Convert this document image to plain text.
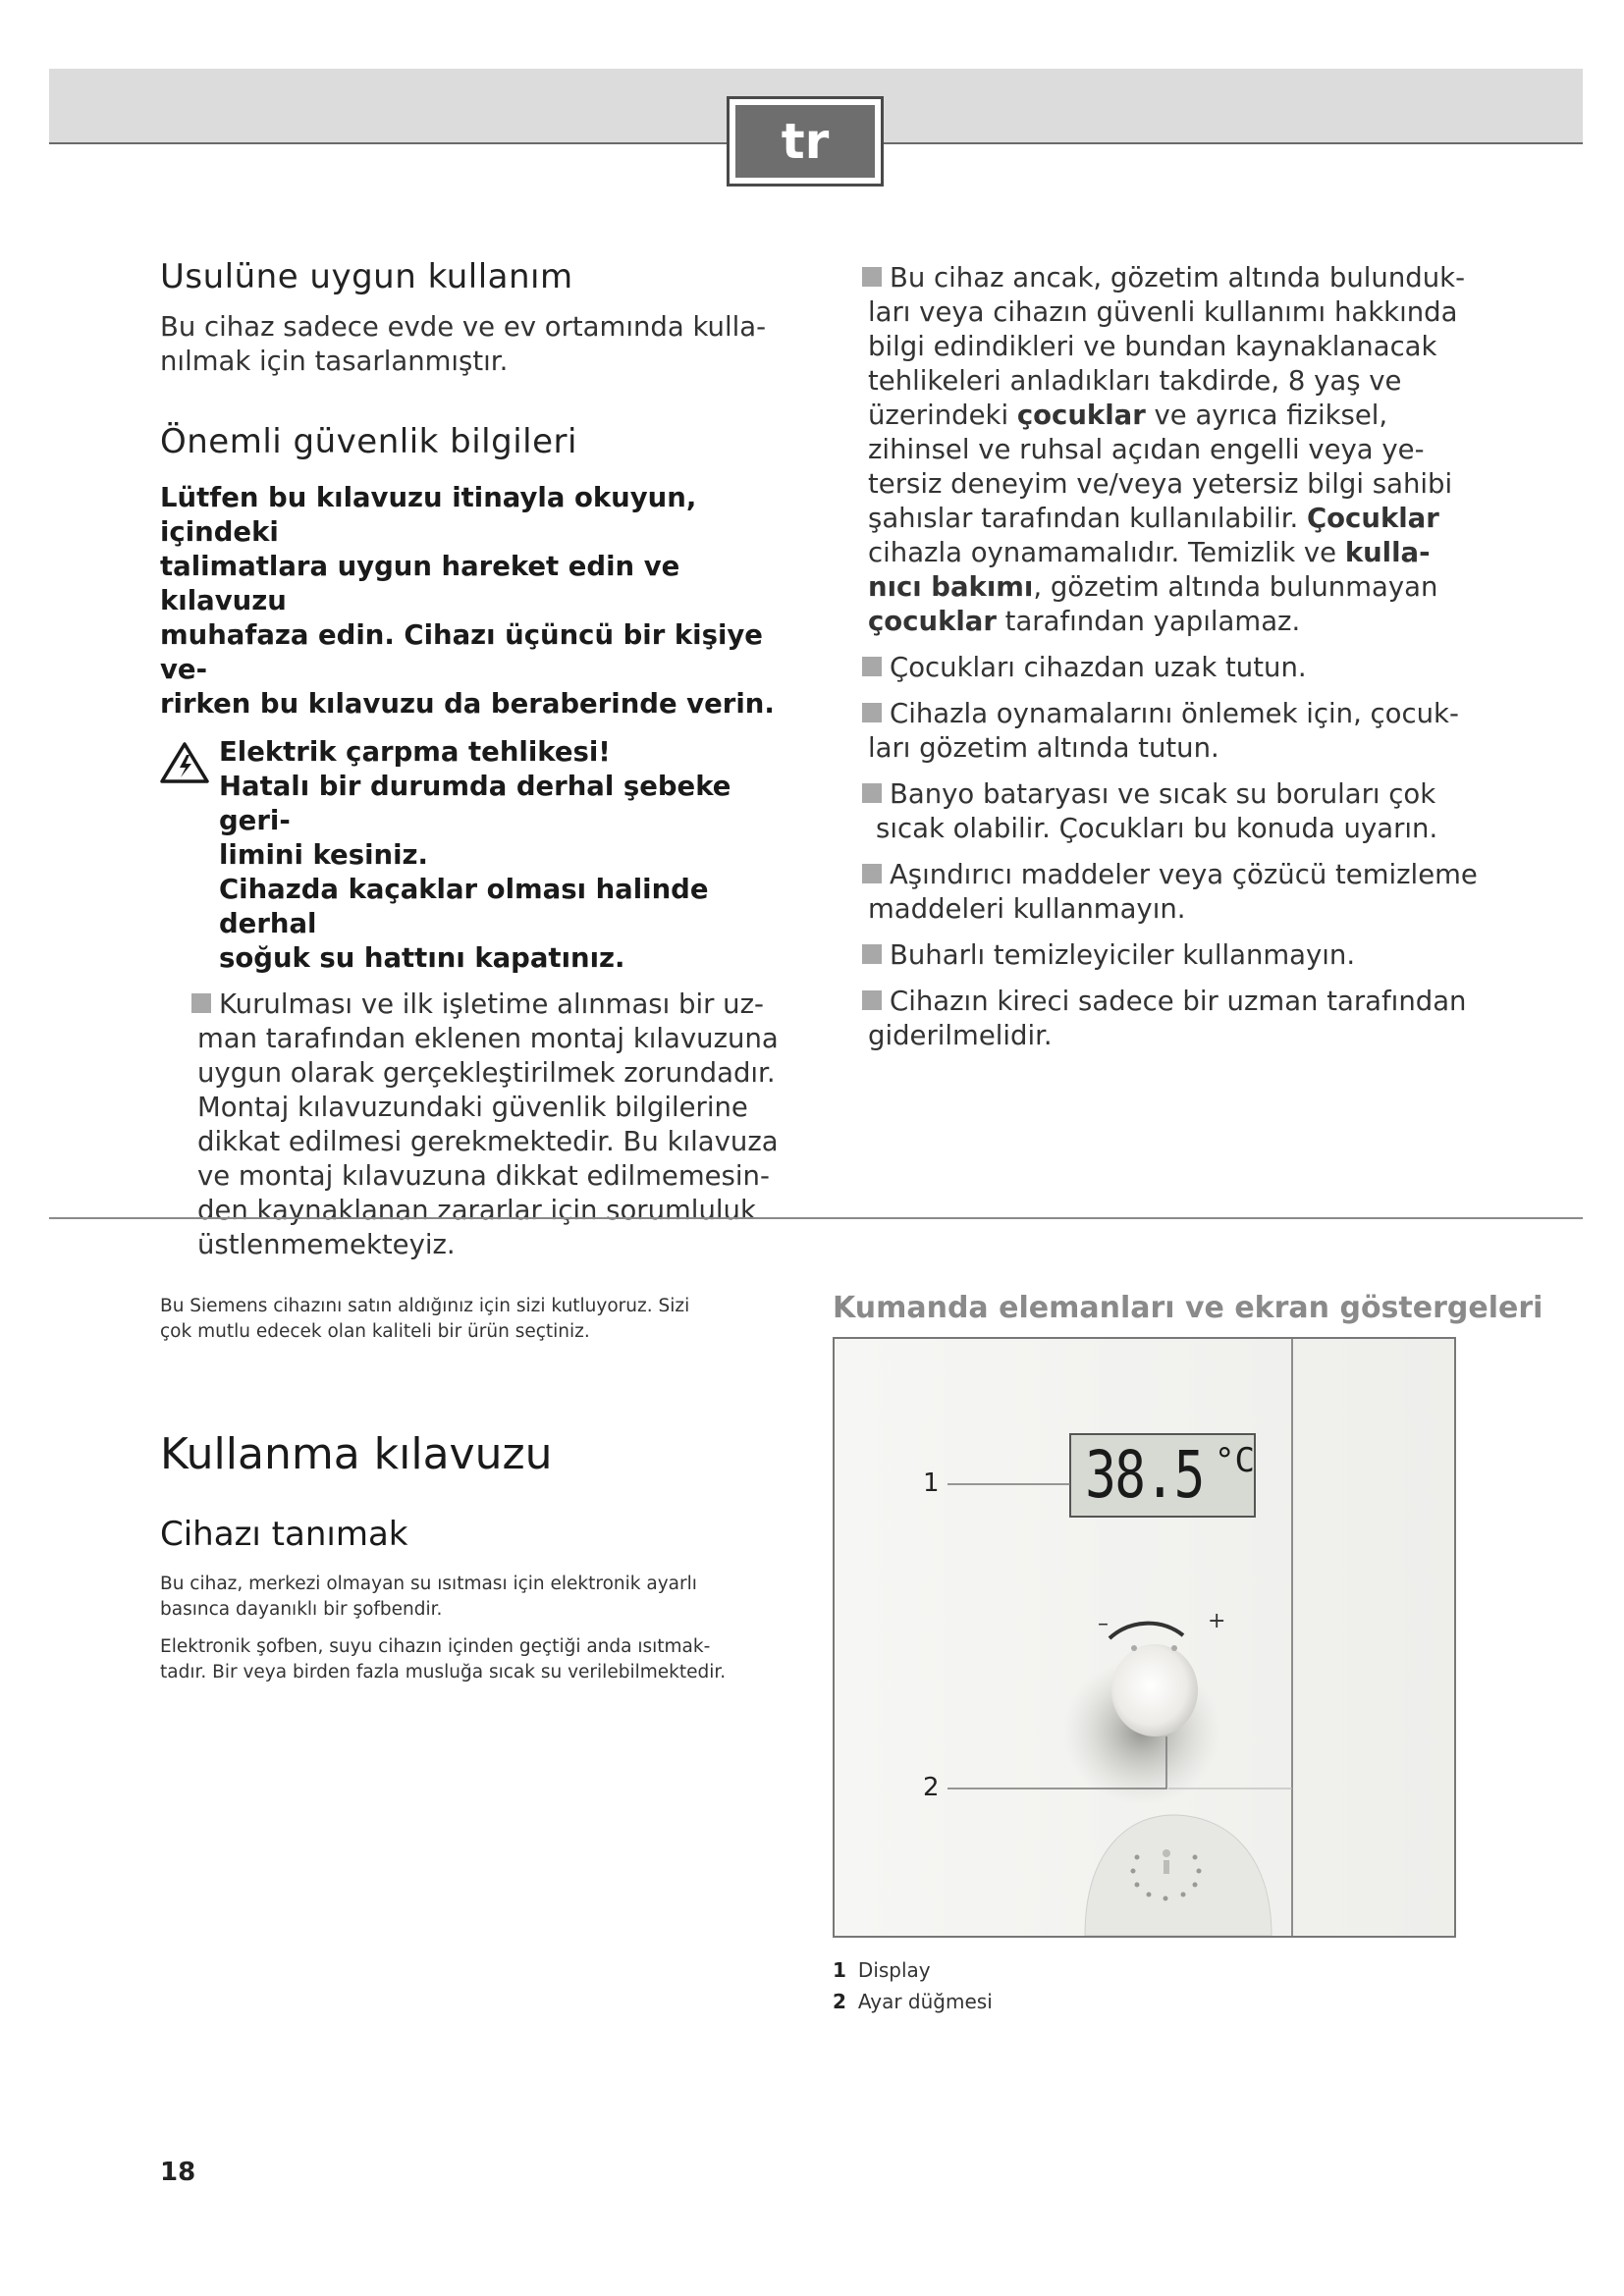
tr
Usulüne uygun kullanım

Bu cihaz sadece evde ve ev ortamında kulla-

nılmak için tasarlanmıştır.

Önemli güvenlik bilgileri

Lütfen bu kılavuzu itinayla okuyun, içindeki

talimatlara uygun hareket edin ve kılavuzu

muhafaza edin. Cihazı üçüncü bir kişiye ve-

rirken bu kılavuzu da beraberinde verin.

Elektrik çarpma tehlikesi!

Hatalı bir durumda derhal şebeke geri-

limini kesiniz.

Cihazda kaçaklar olması halinde derhal

soğuk su hattını kapatınız.

Kurulması ve ilk işletime alınması bir uz-
man tarafından eklenen montaj kılavuzuna
uygun olarak gerçekleştirilmek zorundadır.
Montaj kılavuzundaki güvenlik bilgilerine
dikkat edilmesi gerekmektedir. Bu kılavuza
ve montaj kılavuzuna dikkat edilmemesin-
den kaynaklanan zararlar için sorumluluk
üstlenmemekteyiz.
Bu cihaz ancak, gözetim altında bulunduk-
ları veya cihazın güvenli kullanımı hakkında
bilgi edindikleri ve bundan kaynaklanacak
tehlikeleri anladıkları takdirde, 8 yaş ve
üzerindeki çocuklar ve ayrıca fiziksel,
zihinsel ve ruhsal açıdan engelli veya ye-
tersiz deneyim ve/veya yetersiz bilgi sahibi
şahıslar tarafından kullanılabilir. Çocuklar
cihazla oynamamalıdır. Temizlik ve kulla-
nıcı bakımı, gözetim altında bulunmayan
çocuklar tarafından yapılamaz.
Çocukları cihazdan uzak tutun.
Cihazla oynamalarını önlemek için, çocuk-
ları gözetim altında tutun.
Banyo bataryası ve sıcak su boruları çok
sıcak olabilir. Çocukları bu konuda uyarın.
Aşındırıcı maddeler veya çözücü temizleme
maddeleri kullanmayın.
Buharlı temizleyiciler kullanmayın.
Cihazın kireci sadece bir uzman tarafından
giderilmelidir.

Bu Siemens cihazını satın aldığınız için sizi kutluyoruz. Sizi

çok mutlu edecek olan kaliteli bir ürün seçtiniz.

Kullanma kılavuzu
Cihazı tanımak

Bu cihaz, merkezi olmayan su ısıtması için elektronik ayarlı

basınca dayanıklı bir şofbendir.

Elektronik şofben, suyu cihazın içinden geçtiği anda ısıtmak-

tadır. Bir veya birden fazla musluğa sıcak su verilebilmektedir.

Kumanda elemanları ve ekran göstergeleri
38.5 °C
–	+
1
2
1 Display
2 Ayar düğmesi
18
